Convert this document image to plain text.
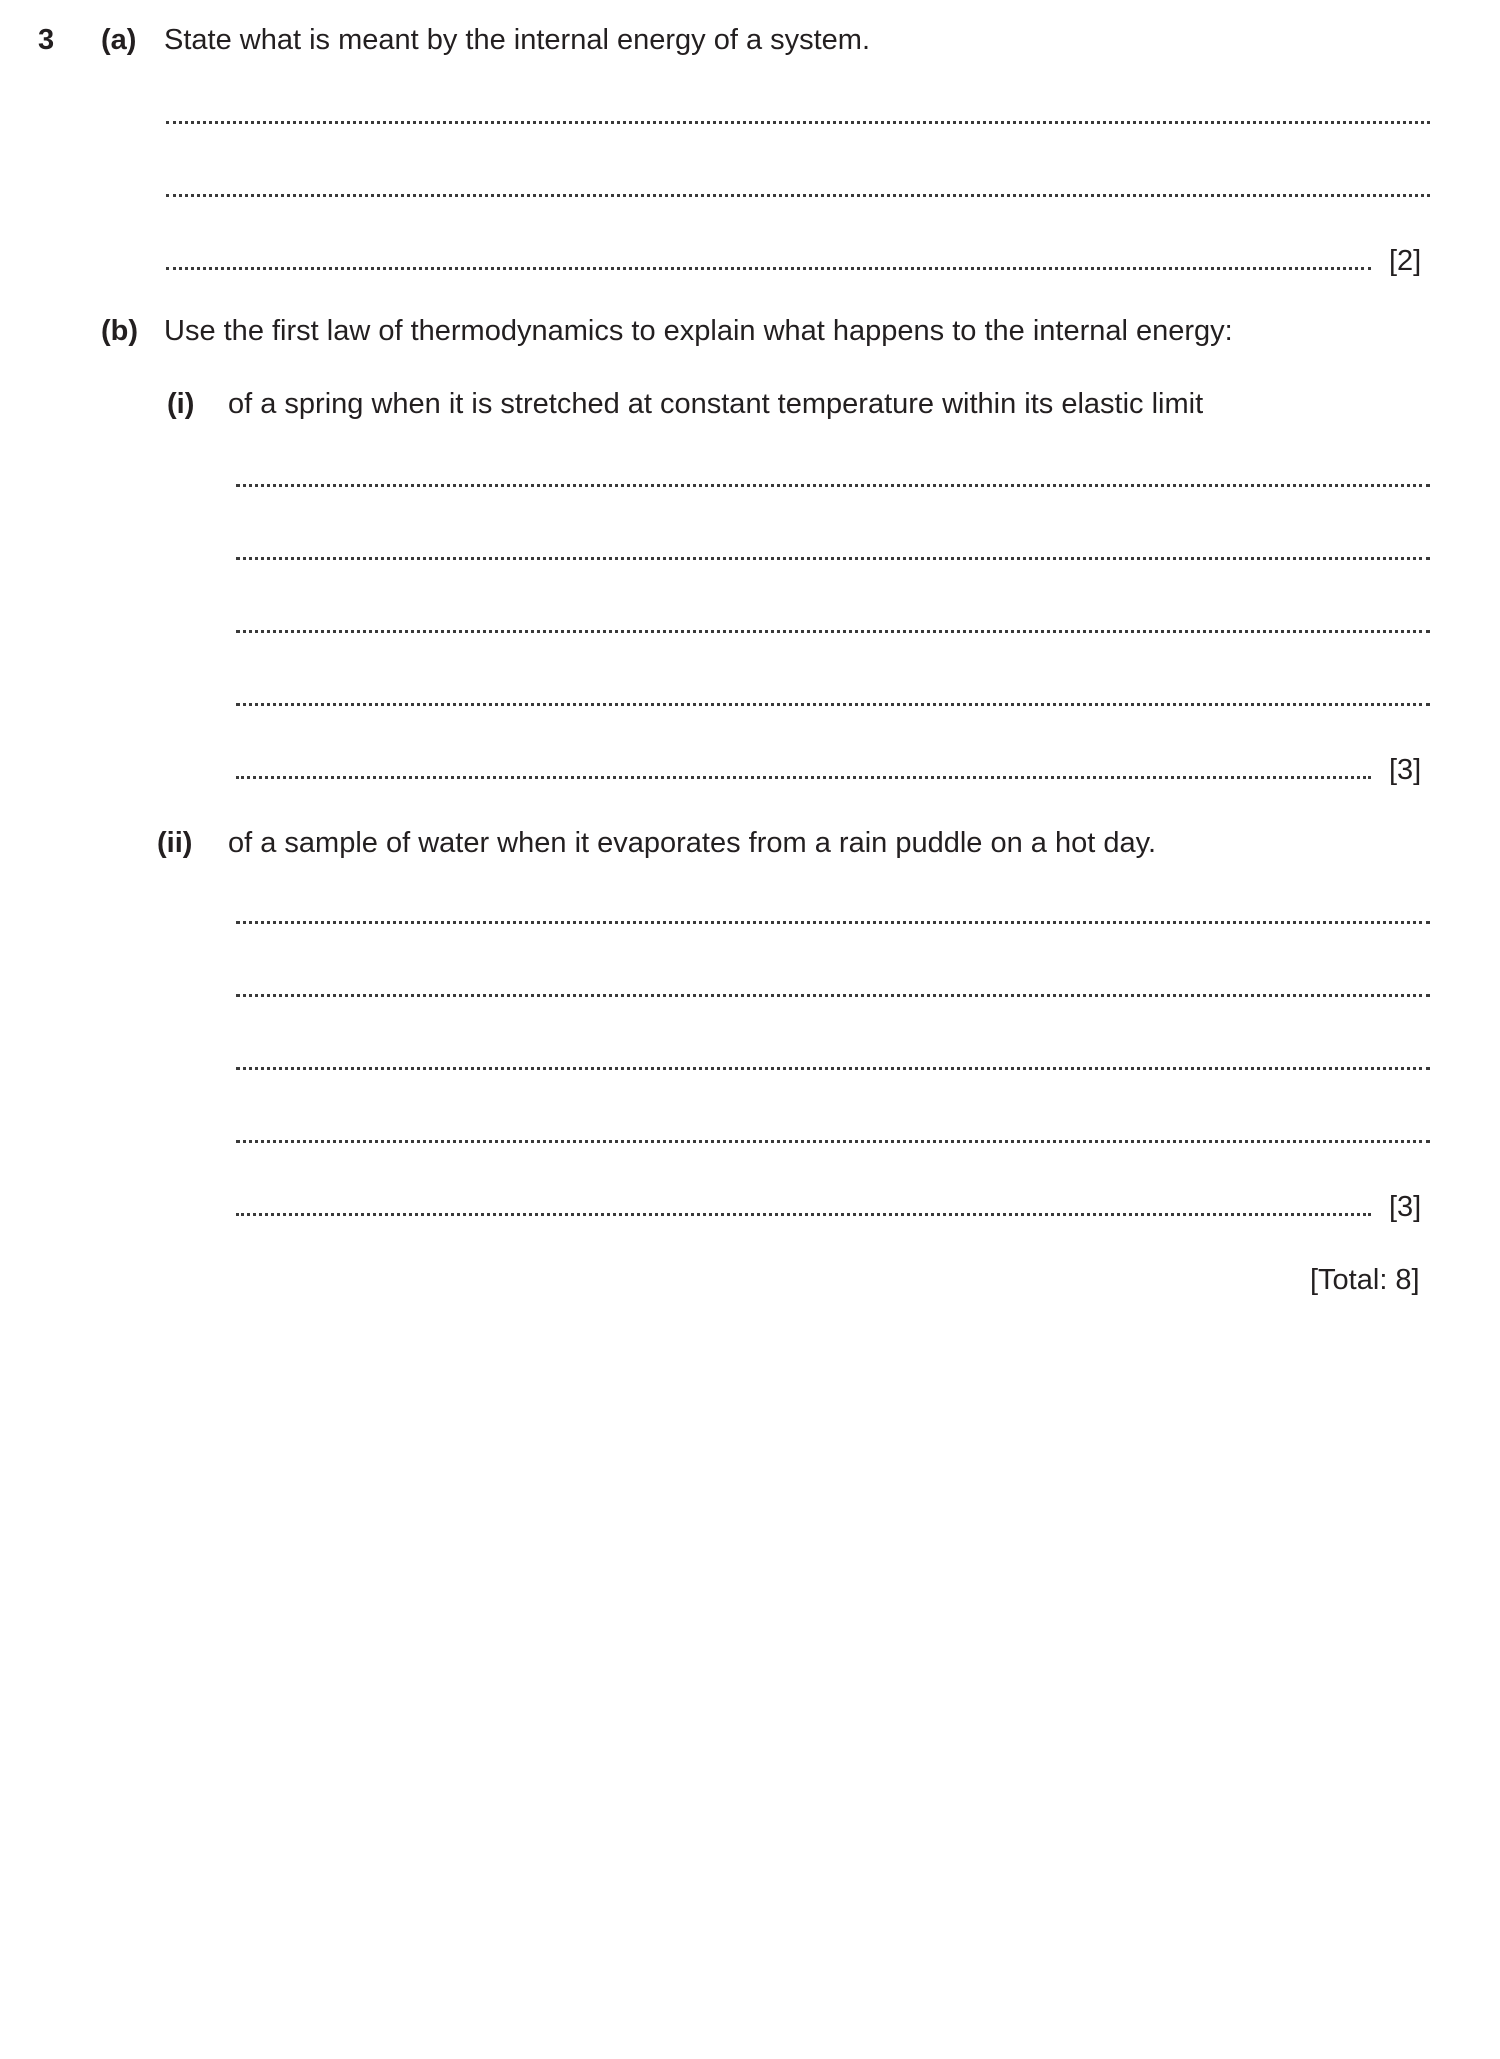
3 (a) State what is meant by the internal energy of a system.
[2]
(b) Use the first law of thermodynamics to explain what happens to the internal energy:
(i) of a spring when it is stretched at constant temperature within its elastic limit
[3]
(ii) of a sample of water when it evaporates from a rain puddle on a hot day.
[3]
[Total: 8]
